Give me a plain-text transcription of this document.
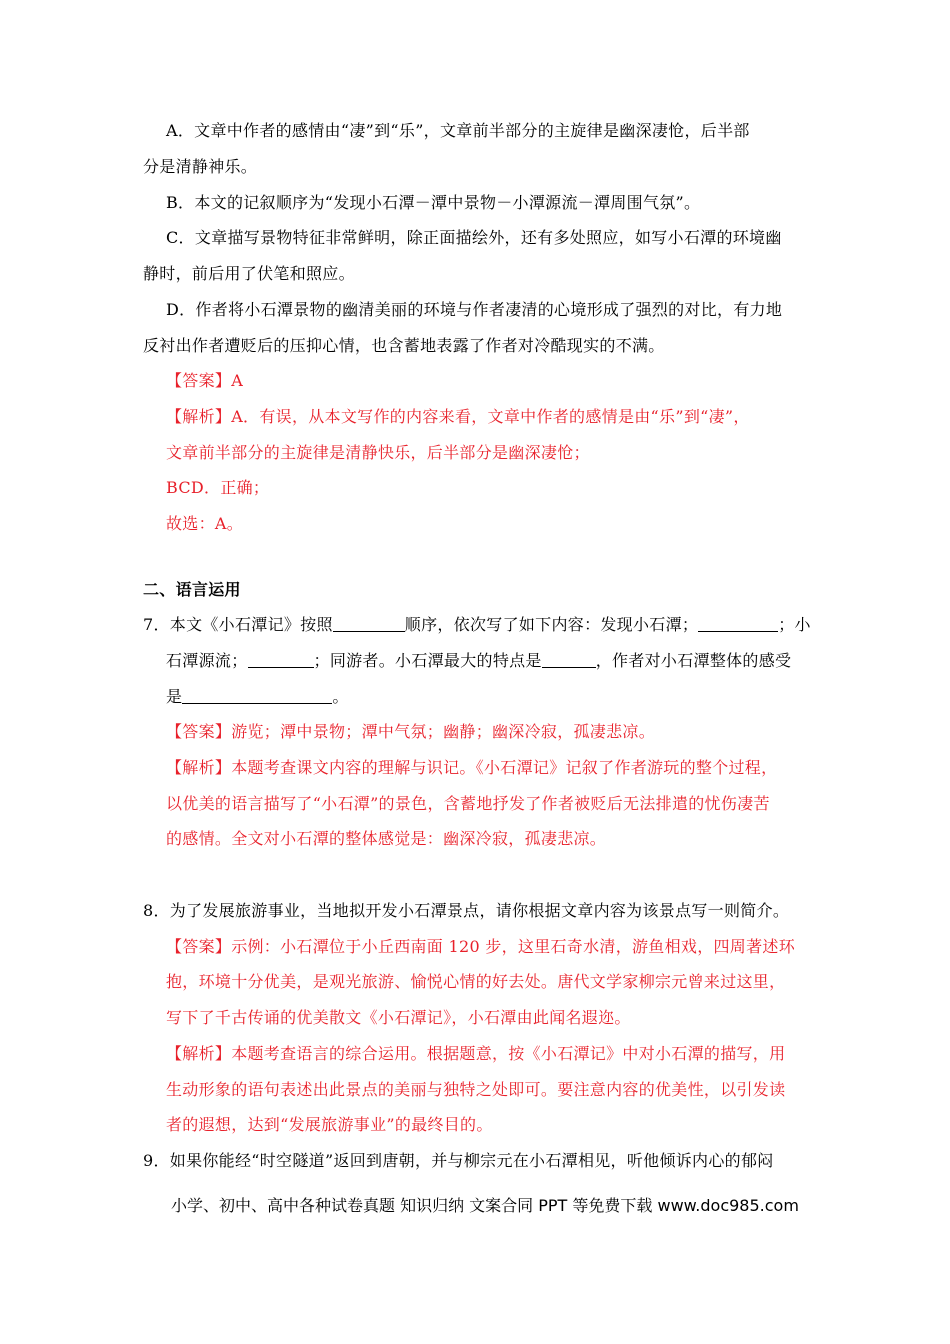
A．文章中作者的感情由“凄”到“乐”，文章前半部分的主旋律是幽深凄怆，后半部
分是清静神乐。
B．本文的记叙顺序为“发现小石潭－潭中景物－小潭源流－潭周围气氛”。
C．文章描写景物特征非常鲜明，除正面描绘外，还有多处照应，如写小石潭的环境幽
静时，前后用了伏笔和照应。
D．作者将小石潭景物的幽清美丽的环境与作者凄清的心境形成了强烈的对比，有力地
反衬出作者遭贬后的压抑心情，也含蓄地表露了作者对冷酷现实的不满。
【答案】A
【解析】A．有误，从本文写作的内容来看，文章中作者的感情是由“乐”到“凄”，
文章前半部分的主旋律是清静快乐，后半部分是幽深凄怆；
BCD．正确；
故选：A。
二、语言运用
7．本文《小石潭记》按照	顺序，依次写了如下内容：发现小石潭；	；小
石潭源流；	；同游者。小石潭最大的特点是	，作者对小石潭整体的感受
是	。
【答案】游览；潭中景物；潭中气氛；幽静；幽深冷寂，孤凄悲凉。
【解析】本题考查课文内容的理解与识记。《小石潭记》记叙了作者游玩的整个过程，
以优美的语言描写了“小石潭”的景色，含蓄地抒发了作者被贬后无法排遣的忧伤凄苦
的感情。全文对小石潭的整体感觉是：幽深冷寂，孤凄悲凉。
8．为了发展旅游事业，当地拟开发小石潭景点，请你根据文章内容为该景点写一则简介。
【答案】示例：小石潭位于小丘西南面 120 步，这里石奇水清，游鱼相戏，四周著述环
抱，环境十分优美，是观光旅游、愉悦心情的好去处。唐代文学家柳宗元曾来过这里，
写下了千古传诵的优美散文《小石潭记》，小石潭由此闻名遐迩。
【解析】本题考查语言的综合运用。根据题意，按《小石潭记》中对小石潭的描写，用
生动形象的语句表述出此景点的美丽与独特之处即可。要注意内容的优美性，以引发读
者的遐想，达到“发展旅游事业”的最终目的。
9．如果你能经“时空隧道”返回到唐朝，并与柳宗元在小石潭相见，听他倾诉内心的郁闷
小学、初中、高中各种试卷真题 知识归纳 文案合同 PPT 等免费下载 www.doc985.com
